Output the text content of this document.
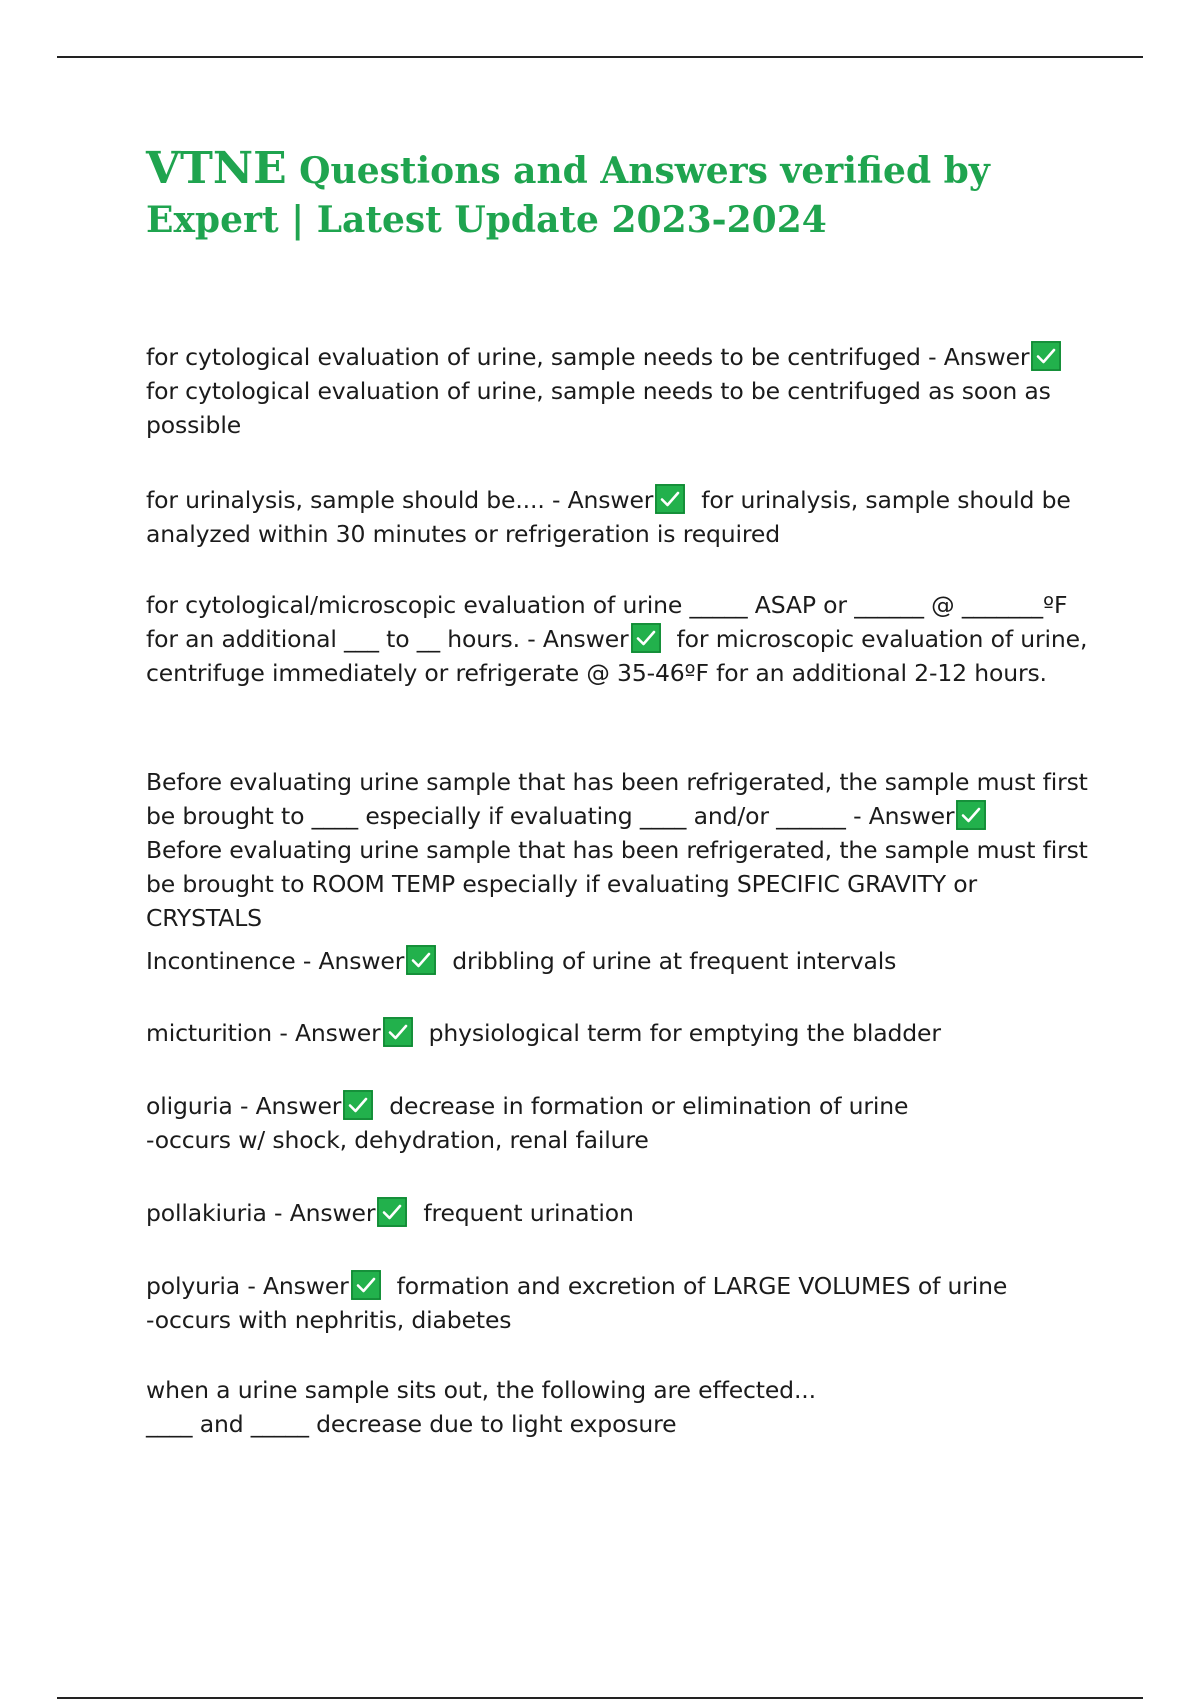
VTNE Questions and Answers verified by Expert | Latest Update 2023-2024

for cytological evaluation of urine, sample needs to be centrifuged - Answer

for cytological evaluation of urine, sample needs to be centrifuged as soon as possible

for urinalysis, sample should be.... - Answer for urinalysis, sample should be analyzed within 30 minutes or refrigeration is required

for cytological/microscopic evaluation of urine _____ ASAP or ______ @ _______ºF for an additional ___ to __ hours. - Answer for microscopic evaluation of urine, centrifuge immediately or refrigerate @ 35-46ºF for an additional 2-12 hours.

Before evaluating urine sample that has been refrigerated, the sample must first be brought to ____ especially if evaluating ____ and/or ______ - Answer

Before evaluating urine sample that has been refrigerated, the sample must first be brought to ROOM TEMP especially if evaluating SPECIFIC GRAVITY or CRYSTALS

Incontinence - Answer dribbling of urine at frequent intervals

micturition - Answer physiological term for emptying the bladder

oliguria - Answer decrease in formation or elimination of urine
-occurs w/ shock, dehydration, renal failure

pollakiuria - Answer frequent urination

polyuria - Answer formation and excretion of LARGE VOLUMES of urine
-occurs with nephritis, diabetes

when a urine sample sits out, the following are effected...
____ and _____ decrease due to light exposure
